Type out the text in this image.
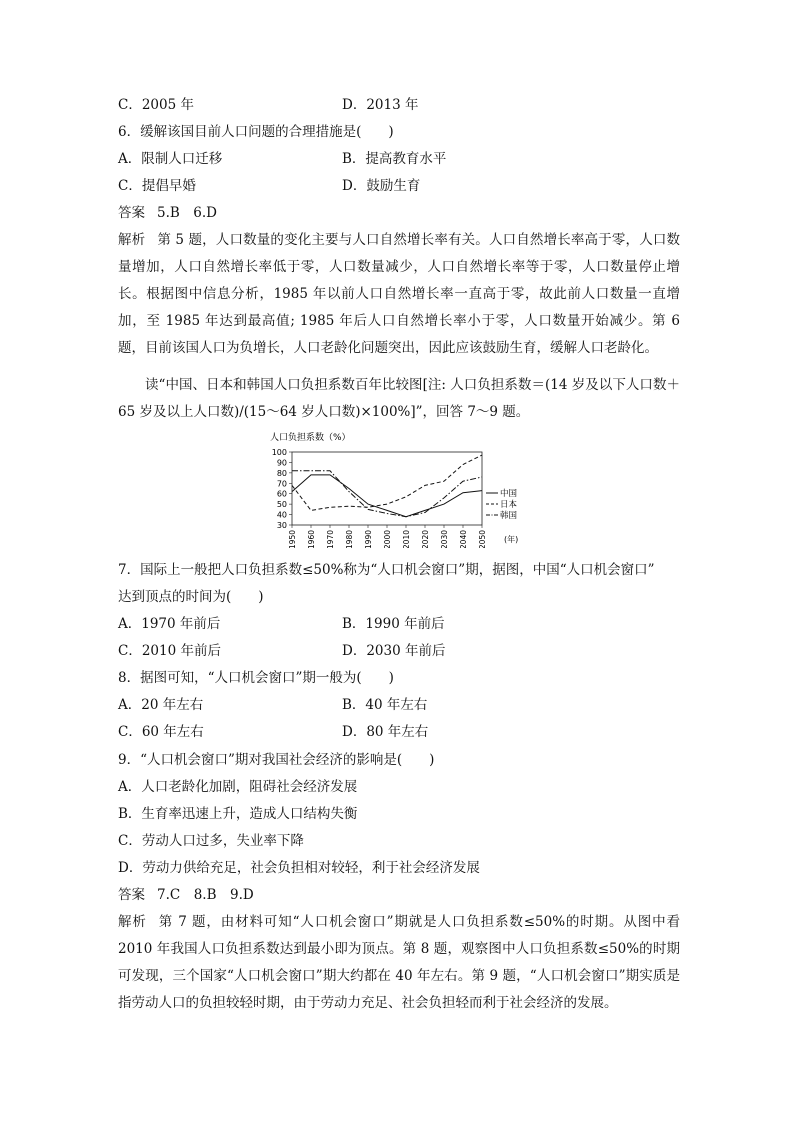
C．2005 年	D．2013 年
6．缓解该国目前人口问题的合理措施是(　　)
A．限制人口迁移	B．提高教育水平
C．提倡早婚	D．鼓励生育
答案 5.B　6.D
解析 第 5 题，人口数量的变化主要与人口自然增长率有关。人口自然增长率高于零，人口数量增加，人口自然增长率低于零，人口数量减少，人口自然增长率等于零，人口数量停止增长。根据图中信息分析，1985 年以前人口自然增长率一直高于零，故此前人口数量一直增加，至 1985 年达到最高值; 1985 年后人口自然增长率小于零，人口数量开始减少。第 6 题，目前该国人口为负增长，人口老龄化问题突出，因此应该鼓励生育，缓解人口老龄化。
读“中国、日本和韩国人口负担系数百年比较图[注: 人口负担系数＝(14 岁及以下人口数＋65 岁及以上人口数)/(15～64 岁人口数)×100%]”，回答 7～9 题。
人口负担系数（%）
30
40
50
60
70
80
90
100
1950 1960 1970 1980 1990 2000 2010 2020 2030 2040 2050
中国
日本
韩国
(年)
7．国际上一般把人口负担系数≤50%称为“人口机会窗口”期，据图，中国“人口机会窗口”
达到顶点的时间为(　　)
A．1970 年前后	B．1990 年前后
C．2010 年前后	D．2030 年前后
8．据图可知，“人口机会窗口”期一般为(　　)
A．20 年左右	B．40 年左右
C．60 年左右	D．80 年左右
9．“人口机会窗口”期对我国社会经济的影响是(　　)
A．人口老龄化加剧，阻碍社会经济发展
B．生育率迅速上升，造成人口结构失衡
C．劳动人口过多，失业率下降
D．劳动力供给充足，社会负担相对较轻，利于社会经济发展
答案 7.C　8.B　9.D
解析 第 7 题，由材料可知“人口机会窗口”期就是人口负担系数≤50%的时期。从图中看 2010 年我国人口负担系数达到最小即为顶点。第 8 题，观察图中人口负担系数≤50%的时期可发现，三个国家“人口机会窗口”期大约都在 40 年左右。第 9 题，“人口机会窗口”期实质是指劳动人口的负担较轻时期，由于劳动力充足、社会负担轻而利于社会经济的发展。
